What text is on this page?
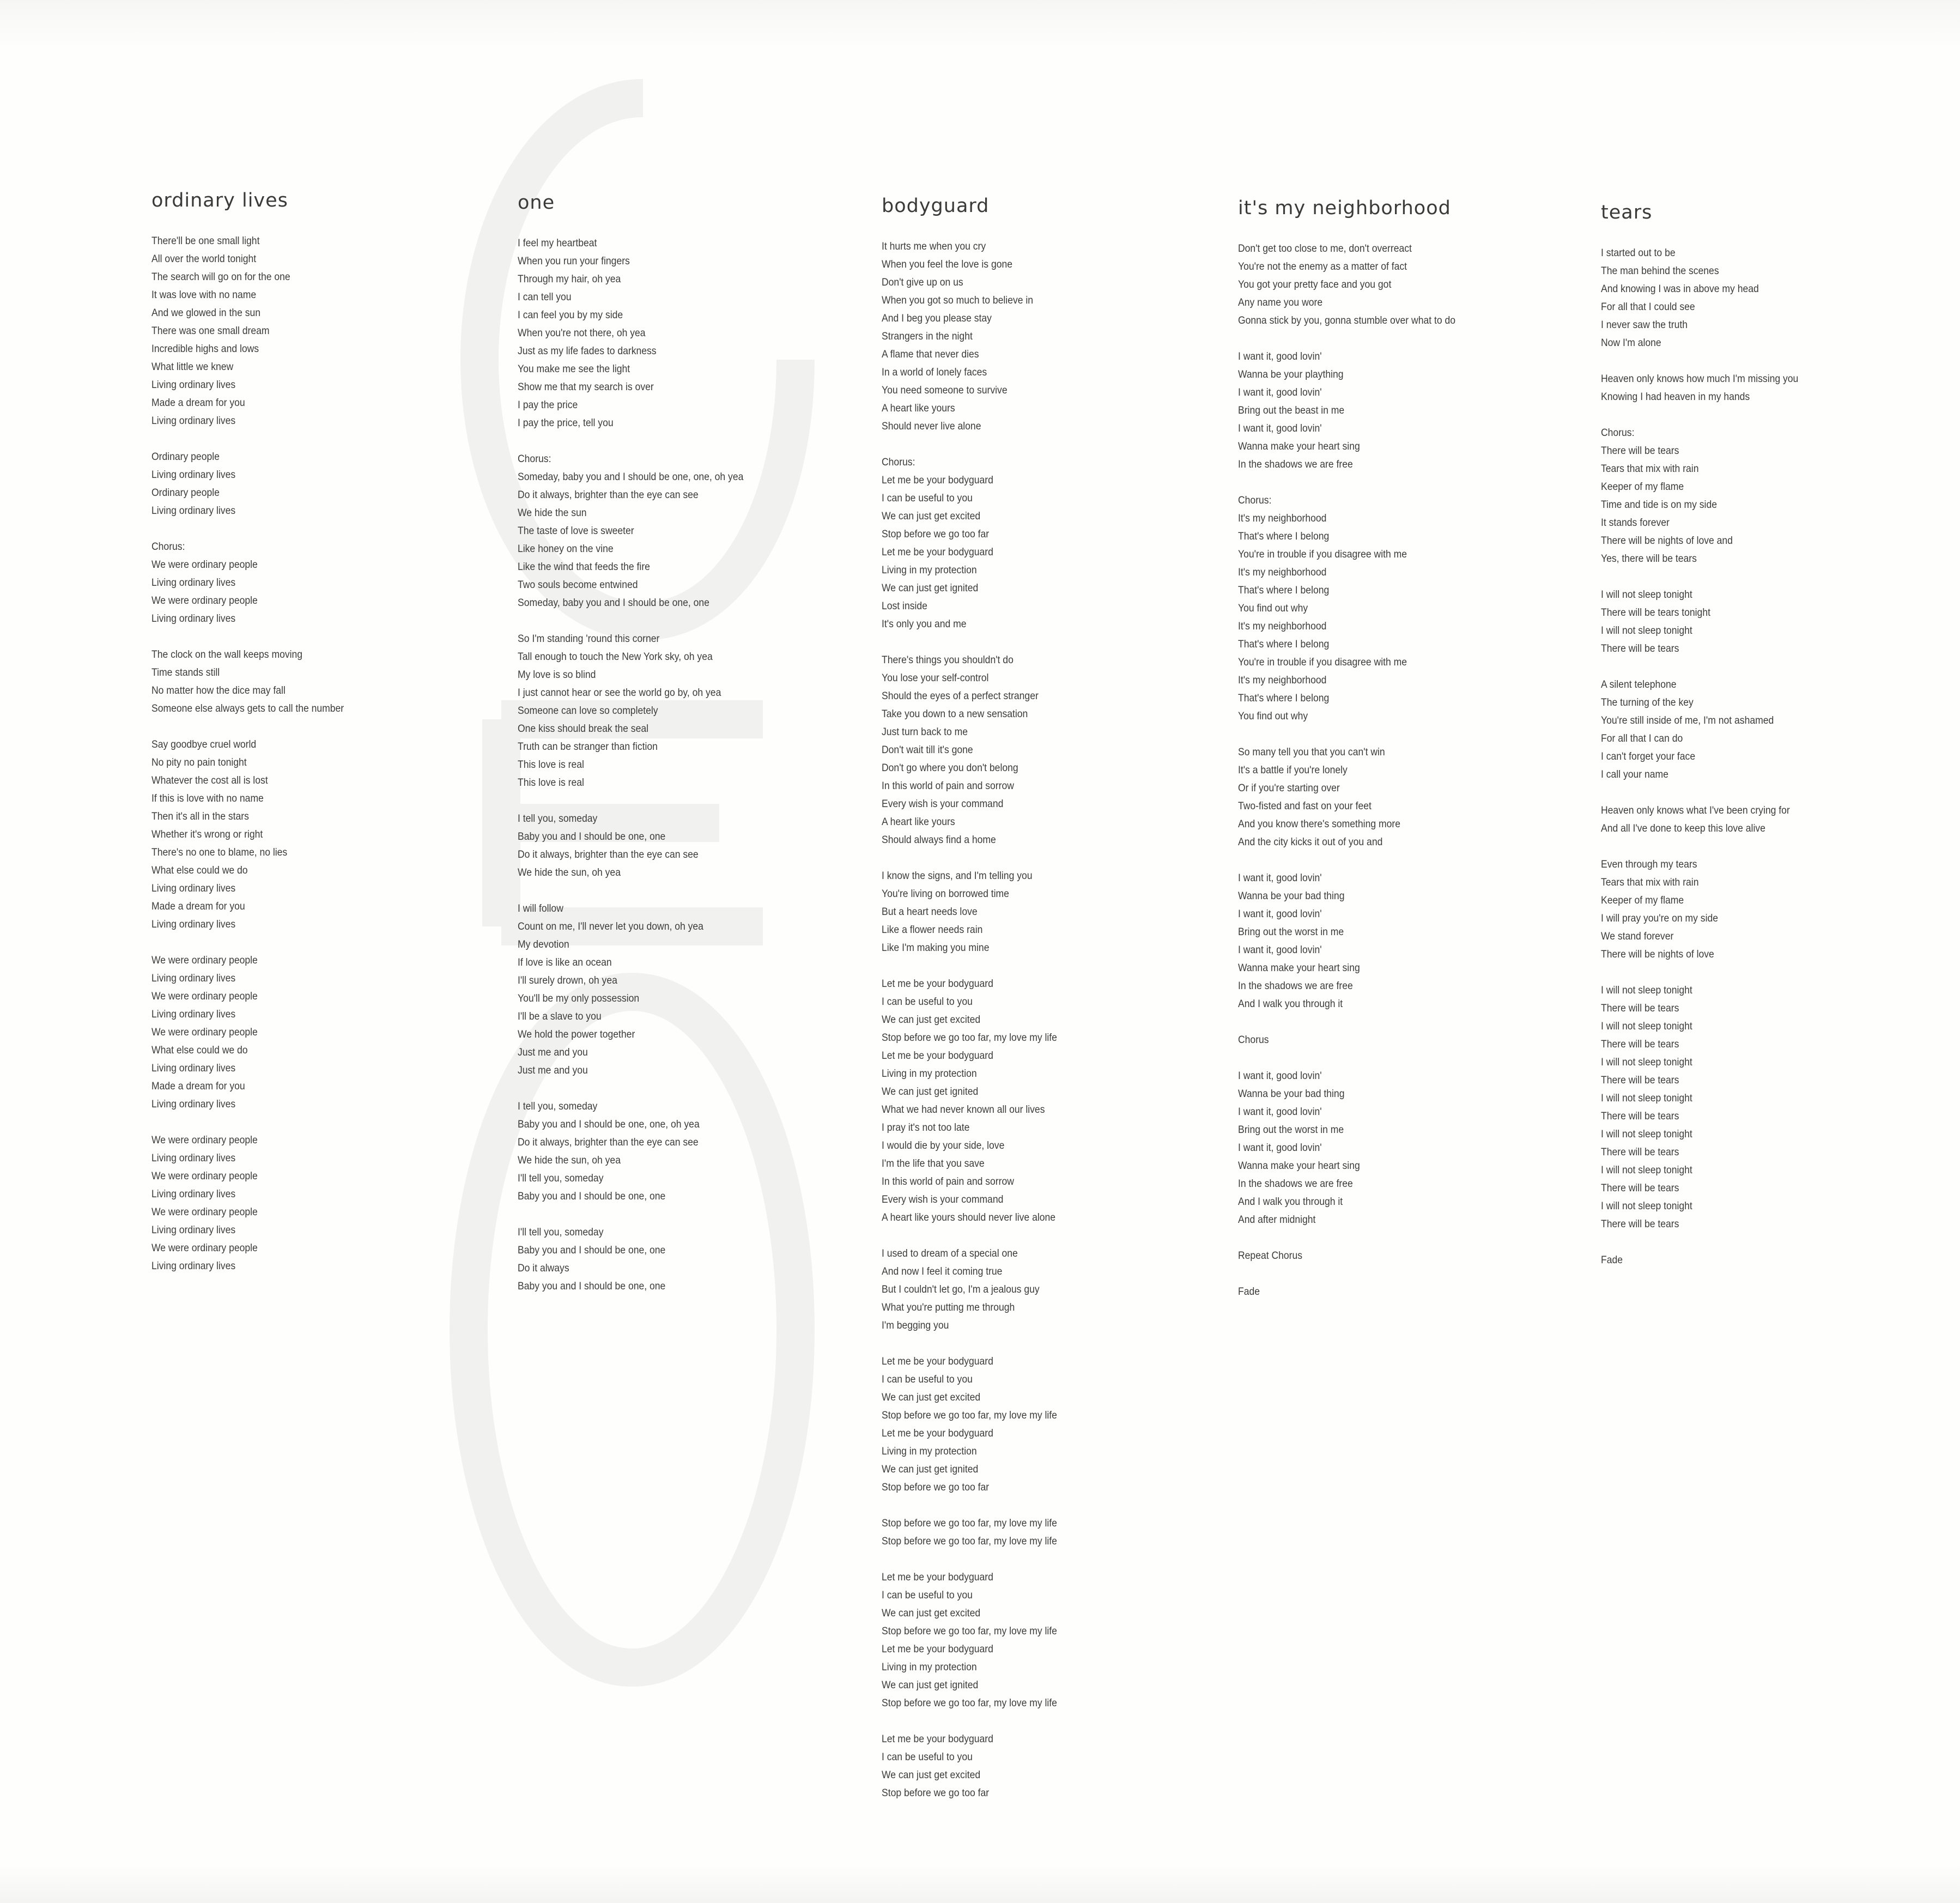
ordinary lives
There'll be one small light
All over the world tonight
The search will go on for the one
It was love with no name
And we glowed in the sun
There was one small dream
Incredible highs and lows
What little we knew
Living ordinary lives
Made a dream for you
Living ordinary lives
Ordinary people
Living ordinary lives
Ordinary people
Living ordinary lives
Chorus:
We were ordinary people
Living ordinary lives
We were ordinary people
Living ordinary lives
The clock on the wall keeps moving
Time stands still
No matter how the dice may fall
Someone else always gets to call the number
Say goodbye cruel world
No pity no pain tonight
Whatever the cost all is lost
If this is love with no name
Then it's all in the stars
Whether it's wrong or right
There's no one to blame, no lies
What else could we do
Living ordinary lives
Made a dream for you
Living ordinary lives
We were ordinary people
Living ordinary lives
We were ordinary people
Living ordinary lives
We were ordinary people
What else could we do
Living ordinary lives
Made a dream for you
Living ordinary lives
We were ordinary people
Living ordinary lives
We were ordinary people
Living ordinary lives
We were ordinary people
Living ordinary lives
We were ordinary people
Living ordinary lives
one
I feel my heartbeat
When you run your fingers
Through my hair, oh yea
I can tell you
I can feel you by my side
When you're not there, oh yea
Just as my life fades to darkness
You make me see the light
Show me that my search is over
I pay the price
I pay the price, tell you
Chorus:
Someday, baby you and I should be one, one, oh yea
Do it always, brighter than the eye can see
We hide the sun
The taste of love is sweeter
Like honey on the vine
Like the wind that feeds the fire
Two souls become entwined
Someday, baby you and I should be one, one
So I'm standing 'round this corner
Tall enough to touch the New York sky, oh yea
My love is so blind
I just cannot hear or see the world go by, oh yea
Someone can love so completely
One kiss should break the seal
Truth can be stranger than fiction
This love is real
This love is real
I tell you, someday
Baby you and I should be one, one
Do it always, brighter than the eye can see
We hide the sun, oh yea
I will follow
Count on me, I'll never let you down, oh yea
My devotion
If love is like an ocean
I'll surely drown, oh yea
You'll be my only possession
I'll be a slave to you
We hold the power together
Just me and you
Just me and you
I tell you, someday
Baby you and I should be one, one, oh yea
Do it always, brighter than the eye can see
We hide the sun, oh yea
I'll tell you, someday
Baby you and I should be one, one
I'll tell you, someday
Baby you and I should be one, one
Do it always
Baby you and I should be one, one
bodyguard
It hurts me when you cry
When you feel the love is gone
Don't give up on us
When you got so much to believe in
And I beg you please stay
Strangers in the night
A flame that never dies
In a world of lonely faces
You need someone to survive
A heart like yours
Should never live alone
Chorus:
Let me be your bodyguard
I can be useful to you
We can just get excited
Stop before we go too far
Let me be your bodyguard
Living in my protection
We can just get ignited
Lost inside
It's only you and me
There's things you shouldn't do
You lose your self-control
Should the eyes of a perfect stranger
Take you down to a new sensation
Just turn back to me
Don't wait till it's gone
Don't go where you don't belong
In this world of pain and sorrow
Every wish is your command
A heart like yours
Should always find a home
I know the signs, and I'm telling you
You're living on borrowed time
But a heart needs love
Like a flower needs rain
Like I'm making you mine
Let me be your bodyguard
I can be useful to you
We can just get excited
Stop before we go too far, my love my life
Let me be your bodyguard
Living in my protection
We can just get ignited
What we had never known all our lives
I pray it's not too late
I would die by your side, love
I'm the life that you save
In this world of pain and sorrow
Every wish is your command
A heart like yours should never live alone
I used to dream of a special one
And now I feel it coming true
But I couldn't let go, I'm a jealous guy
What you're putting me through
I'm begging you
Let me be your bodyguard
I can be useful to you
We can just get excited
Stop before we go too far, my love my life
Let me be your bodyguard
Living in my protection
We can just get ignited
Stop before we go too far
Stop before we go too far, my love my life
Stop before we go too far, my love my life
Let me be your bodyguard
I can be useful to you
We can just get excited
Stop before we go too far, my love my life
Let me be your bodyguard
Living in my protection
We can just get ignited
Stop before we go too far, my love my life
Let me be your bodyguard
I can be useful to you
We can just get excited
Stop before we go too far
it's my neighborhood
Don't get too close to me, don't overreact
You're not the enemy as a matter of fact
You got your pretty face and you got
Any name you wore
Gonna stick by you, gonna stumble over what to do
I want it, good lovin'
Wanna be your plaything
I want it, good lovin'
Bring out the beast in me
I want it, good lovin'
Wanna make your heart sing
In the shadows we are free
Chorus:
It's my neighborhood
That's where I belong
You're in trouble if you disagree with me
It's my neighborhood
That's where I belong
You find out why
It's my neighborhood
That's where I belong
You're in trouble if you disagree with me
It's my neighborhood
That's where I belong
You find out why
So many tell you that you can't win
It's a battle if you're lonely
Or if you're starting over
Two-fisted and fast on your feet
And you know there's something more
And the city kicks it out of you and
I want it, good lovin'
Wanna be your bad thing
I want it, good lovin'
Bring out the worst in me
I want it, good lovin'
Wanna make your heart sing
In the shadows we are free
And I walk you through it
Chorus
I want it, good lovin'
Wanna be your bad thing
I want it, good lovin'
Bring out the worst in me
I want it, good lovin'
Wanna make your heart sing
In the shadows we are free
And I walk you through it
And after midnight
Repeat Chorus
Fade
tears
I started out to be
The man behind the scenes
And knowing I was in above my head
For all that I could see
I never saw the truth
Now I'm alone
Heaven only knows how much I'm missing you
Knowing I had heaven in my hands
Chorus:
There will be tears
Tears that mix with rain
Keeper of my flame
Time and tide is on my side
It stands forever
There will be nights of love and
Yes, there will be tears
I will not sleep tonight
There will be tears tonight
I will not sleep tonight
There will be tears
A silent telephone
The turning of the key
You're still inside of me, I'm not ashamed
For all that I can do
I can't forget your face
I call your name
Heaven only knows what I've been crying for
And all I've done to keep this love alive
Even through my tears
Tears that mix with rain
Keeper of my flame
I will pray you're on my side
We stand forever
There will be nights of love
I will not sleep tonight
There will be tears
I will not sleep tonight
There will be tears
I will not sleep tonight
There will be tears
I will not sleep tonight
There will be tears
I will not sleep tonight
There will be tears
I will not sleep tonight
There will be tears
I will not sleep tonight
There will be tears
Fade
